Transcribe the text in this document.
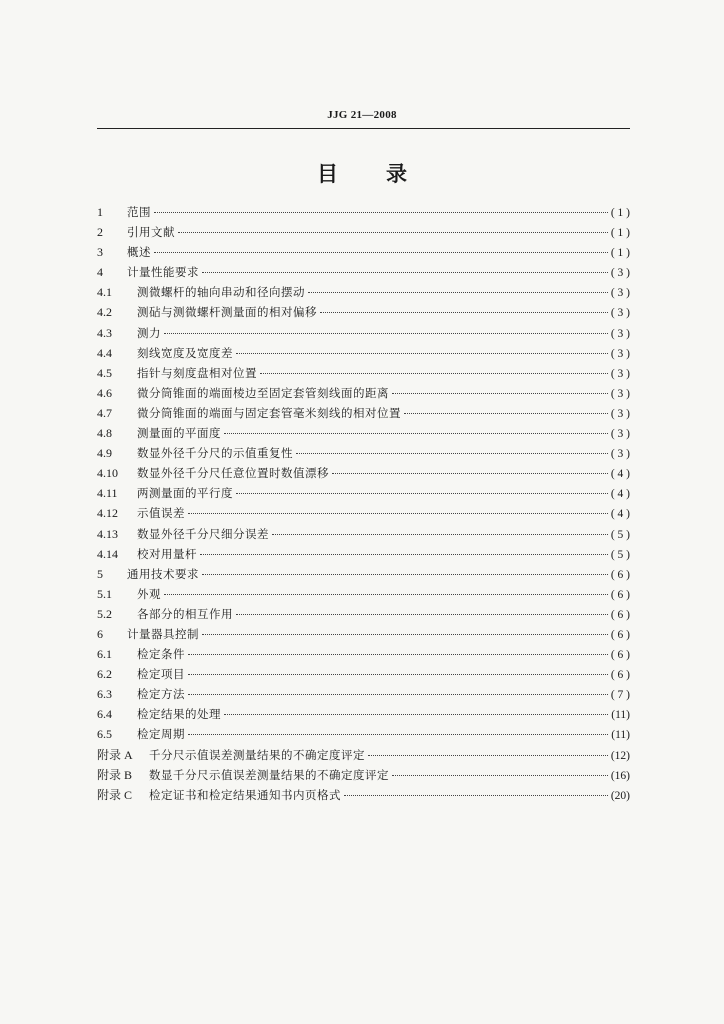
JJG 21—2008
目 录
1	范围	( 1 )
2	引用文献	( 1 )
3	概述	( 1 )
4	计量性能要求	( 3 )
4.1	测微螺杆的轴向串动和径向摆动	( 3 )
4.2	测砧与测微螺杆测量面的相对偏移	( 3 )
4.3	测力	( 3 )
4.4	刻线宽度及宽度差	( 3 )
4.5	指针与刻度盘相对位置	( 3 )
4.6	微分筒锥面的端面棱边至固定套管刻线面的距离	( 3 )
4.7	微分筒锥面的端面与固定套管毫米刻线的相对位置	( 3 )
4.8	测量面的平面度	( 3 )
4.9	数显外径千分尺的示值重复性	( 3 )
4.10	数显外径千分尺任意位置时数值漂移	( 4 )
4.11	两测量面的平行度	( 4 )
4.12	示值误差	( 4 )
4.13	数显外径千分尺细分误差	( 5 )
4.14	校对用量杆	( 5 )
5	通用技术要求	( 6 )
5.1	外观	( 6 )
5.2	各部分的相互作用	( 6 )
6	计量器具控制	( 6 )
6.1	检定条件	( 6 )
6.2	检定项目	( 6 )
6.3	检定方法	( 7 )
6.4	检定结果的处理	(11)
6.5	检定周期	(11)
附录 A	千分尺示值误差测量结果的不确定度评定	(12)
附录 B	数显千分尺示值误差测量结果的不确定度评定	(16)
附录 C	检定证书和检定结果通知书内页格式	(20)
